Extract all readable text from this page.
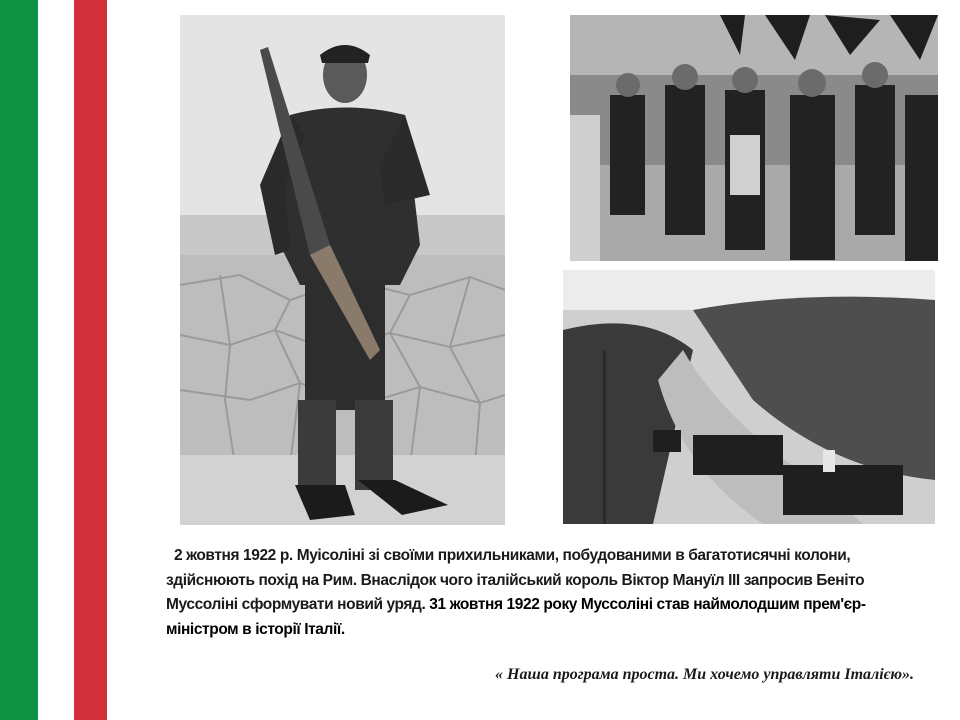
2 жовтня 1922 р. Муісоліні зі своїми прихильниками, побудованими в багатотисячні колони, здійснюють похід на Рим. Внаслідок чого італійський король Віктор Мануїл III запросив Беніто Муссоліні сформувати новий уряд. 31 жовтня 1922 року Муссоліні став наймолодшим прем'єр-міністром в історії Італії.

« Наша програма проста. Ми хочемо управляти Італією».
